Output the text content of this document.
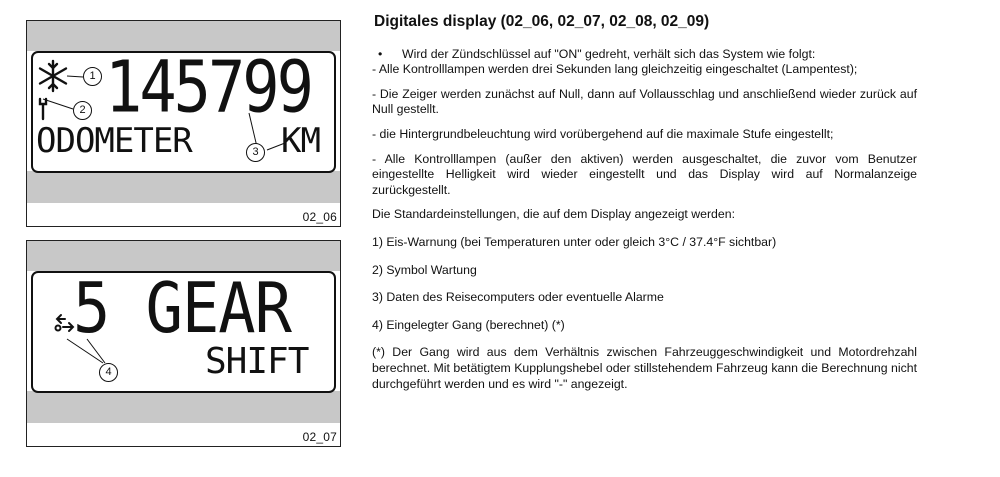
145799
ODOMETER	KM
1
2
3
02_06
5 GEAR
SHIFT
4
02_07
Digitales display (02_06, 02_07, 02_08, 02_09)
•	Wird der Zündschlüssel auf "ON" gedreht, verhält sich das System wie folgt:

- Alle Kontrolllampen werden drei Sekunden lang gleichzeitig eingeschaltet (Lampentest);

- Die Zeiger werden zunächst auf Null, dann auf Vollausschlag und anschließend wieder zurück auf Null gestellt.

- die Hintergrundbeleuchtung wird vorübergehend auf die maximale Stufe eingestellt;

- Alle Kontrolllampen (außer den aktiven) werden ausgeschaltet, die zuvor vom Benutzer eingestellte Helligkeit wird wieder eingestellt und das Display wird auf Normalanzeige zurückgestellt.

Die Standardeinstellungen, die auf dem Display angezeigt werden:

1) Eis-Warnung (bei Temperaturen unter oder gleich 3°C / 37.4°F sichtbar)

2) Symbol Wartung

3) Daten des Reisecomputers oder eventuelle Alarme

4) Eingelegter Gang (berechnet) (*)

(*) Der Gang wird aus dem Verhältnis zwischen Fahrzeuggeschwindigkeit und Motordrehzahl berechnet. Mit betätigtem Kupplungshebel oder stillstehendem Fahrzeug kann die Berechnung nicht durchgeführt werden und es wird "-" angezeigt.
